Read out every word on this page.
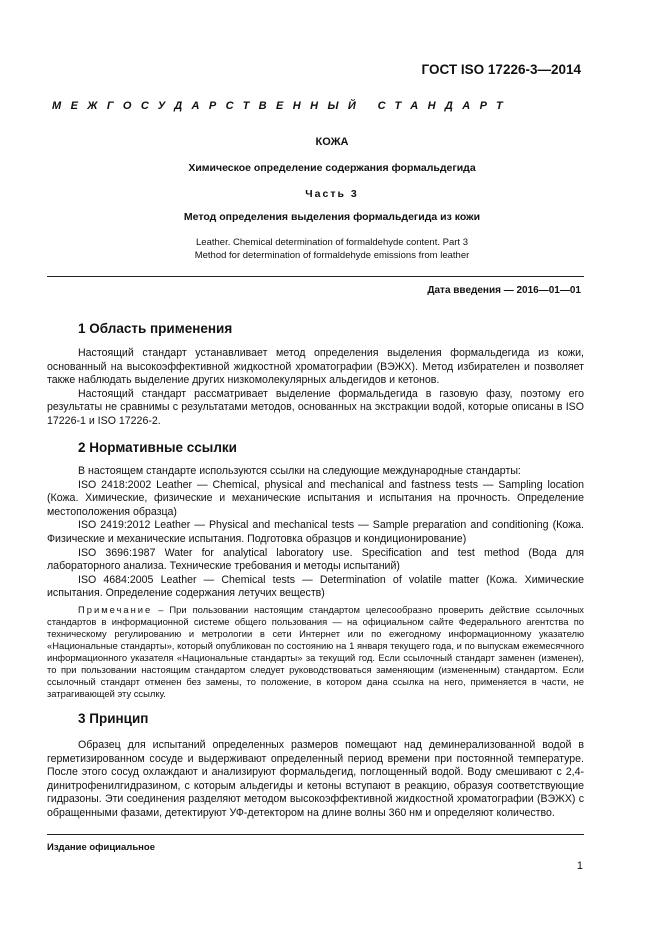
ГОСТ ISO 17226-3—2014
МЕЖГОСУДАРСТВЕННЫЙ СТАНДАРТ
КОЖА
Химическое определение содержания формальдегида
Часть 3
Метод определения выделения формальдегида из кожи
Leather. Chemical determination of formaldehyde content. Part 3
Method for determination of formaldehyde emissions from leather
Дата введения — 2016—01—01
1 Область применения

Настоящий стандарт устанавливает метод определения выделения формальдегида из кожи, основанный на высокоэффективной жидкостной хроматографии (ВЭЖХ). Метод избирателен и позволяет также наблюдать выделение других низкомолекулярных альдегидов и кетонов.

Настоящий стандарт рассматривает выделение формальдегида в газовую фазу, поэтому его результаты не сравнимы с результатами методов, основанных на экстракции водой, которые описаны в ISO 17226-1 и ISO 17226-2.

2 Нормативные ссылки

В настоящем стандарте используются ссылки на следующие международные стандарты:

ISO 2418:2002 Leather — Chemical, physical and mechanical and fastness tests — Sampling location (Кожа. Химические, физические и механические испытания и испытания на прочность. Определение местоположения образца)

ISO 2419:2012 Leather — Physical and mechanical tests — Sample preparation and conditioning (Кожа. Физические и механические испытания. Подготовка образцов и кондиционирование)

ISO 3696:1987 Water for analytical laboratory use. Specification and test method (Вода для лабораторного анализа. Технические требования и методы испытаний)

ISO 4684:2005 Leather — Chemical tests — Determination of volatile matter (Кожа. Химические испытания. Определение содержания летучих веществ)

Примечание – При пользовании настоящим стандартом целесообразно проверить действие ссылочных стандартов в информационной системе общего пользования — на официальном сайте Федерального агентства по техническому регулированию и метрологии в сети Интернет или по ежегодному информационному указателю «Национальные стандарты», который опубликован по состоянию на 1 января текущего года, и по выпускам ежемесячного информационного указателя «Национальные стандарты» за текущий год. Если ссылочный стандарт заменен (изменен), то при пользовании настоящим стандартом следует руководствоваться заменяющим (измененным) стандартом. Если ссылочный стандарт отменен без замены, то положение, в котором дана ссылка на него, применяется в части, не затрагивающей эту ссылку.

3 Принцип

Образец для испытаний определенных размеров помещают над деминерализованной водой в герметизированном сосуде и выдерживают определенный период времени при постоянной температуре. После этого сосуд охлаждают и анализируют формальдегид, поглощенный водой. Воду смешивают с 2,4-динитрофенилгидразином, с которым альдегиды и кетоны вступают в реакцию, образуя соответствующие гидразоны. Эти соединения разделяют методом высокоэффективной жидкостной хроматографии (ВЭЖХ) с обращенными фазами, детектируют УФ-детектором на длине волны 360 нм и определяют количество.

Издание официальное
1
